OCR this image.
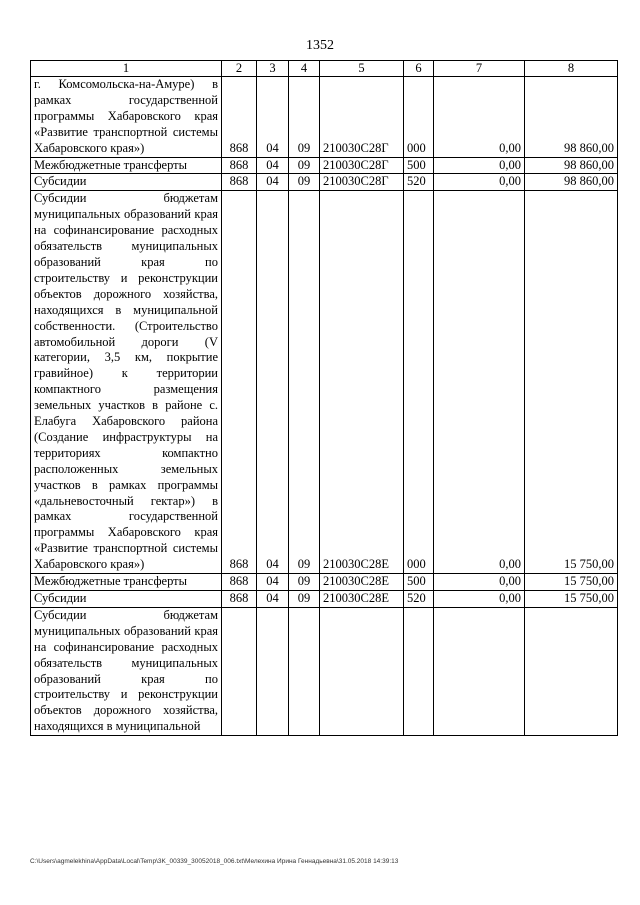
1352
1	2	3	4	5	6	7	8
г. Комсомольска-на-Амуре) в рамках государственной программы Хабаровского края «Развитие транспортной системы Хабаровского края»)	868	04	09	210030С28Г	000	0,00	98 860,00
Межбюджетные трансферты	868	04	09	210030С28Г	500	0,00	98 860,00
Субсидии	868	04	09	210030С28Г	520	0,00	98 860,00
Субсидии бюджетам муниципальных образований края на софинансирование расходных обязательств муниципальных образований края по строительству и реконструкции объектов дорожного хозяйства, находящихся в муниципальной собственности. (Строительство автомобильной дороги (V категории, 3,5 км, покрытие гравийное) к территории компактного размещения земельных участков в районе с. Елабуга Хабаровского района (Создание инфраструктуры на территориях компактно расположенных земельных участков в рамках программы «дальневосточный гектар») в рамках государственной программы Хабаровского края «Развитие транспортной системы Хабаровского края»)	868	04	09	210030С28Е	000	0,00	15 750,00
Межбюджетные трансферты	868	04	09	210030С28Е	500	0,00	15 750,00
Субсидии	868	04	09	210030С28Е	520	0,00	15 750,00
Субсидии бюджетам муниципальных образований края на софинансирование расходных обязательств муниципальных образований края по строительству и реконструкции объектов дорожного хозяйства, находящихся в муниципальной							
C:\Users\agmelekhina\AppData\Local\Temp\3K_00339_30052018_006.txt\Мелехина Ирина Геннадьевна\31.05.2018 14:39:13
